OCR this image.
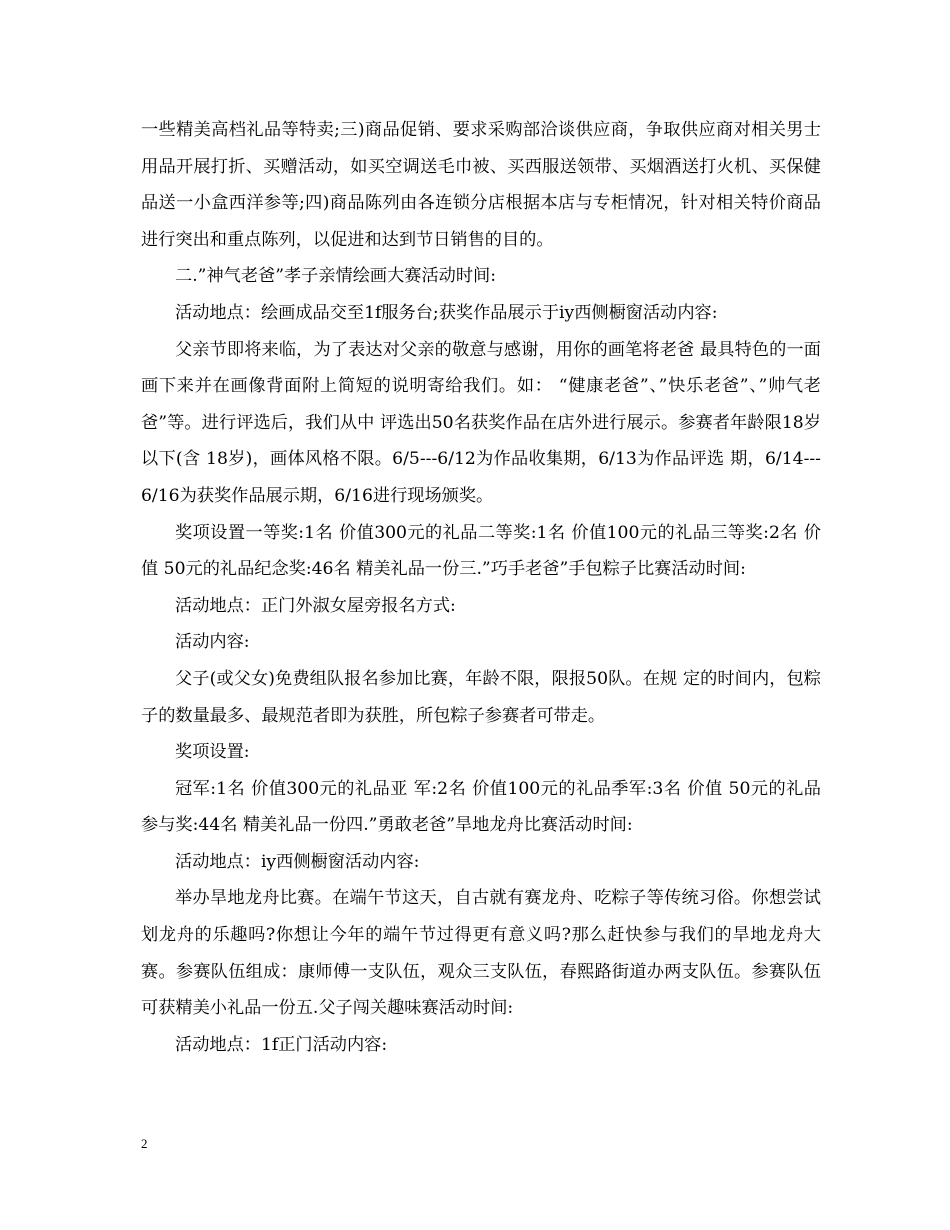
一些精美高档礼品等特卖;三)商品促销、要求采购部洽谈供应商，争取供应商对相关男士用品开展打折、买赠活动，如买空调送毛巾被、买西服送领带、买烟酒送打火机、买保健品送一小盒西洋参等;四)商品陈列由各连锁分店根据本店与专柜情况，针对相关特价商品进行突出和重点陈列，以促进和达到节日销售的目的。

二.”神气老爸”孝子亲情绘画大赛活动时间:

活动地点：绘画成品交至1f服务台;获奖作品展示于iy西侧橱窗活动内容:

父亲节即将来临，为了表达对父亲的敬意与感谢，用你的画笔将老爸 最具特色的一面画下来并在画像背面附上简短的说明寄给我们。如： “健康老爸”、”快乐老爸”、”帅气老爸”等。进行评选后，我们从中 评选出50名获奖作品在店外进行展示。参赛者年龄限18岁以下(含 18岁)，画体风格不限。6/5---6/12为作品收集期，6/13为作品评选 期，6/14---6/16为获奖作品展示期，6/16进行现场颁奖。

奖项设置一等奖:1名 价值300元的礼品二等奖:1名 价值100元的礼品三等奖:2名 价值 50元的礼品纪念奖:46名 精美礼品一份三.”巧手老爸”手包粽子比赛活动时间:

活动地点：正门外淑女屋旁报名方式:

活动内容:

父子(或父女)免费组队报名参加比赛，年龄不限，限报50队。在规 定的时间内，包粽子的数量最多、最规范者即为获胜，所包粽子参赛者可带走。

奖项设置:

冠军:1名 价值300元的礼品亚 军:2名 价值100元的礼品季军:3名 价值 50元的礼品参与奖:44名 精美礼品一份四.”勇敢老爸”旱地龙舟比赛活动时间:

活动地点：iy西侧橱窗活动内容:

举办旱地龙舟比赛。在端午节这天，自古就有赛龙舟、吃粽子等传统习俗。你想尝试划龙舟的乐趣吗?你想让今年的端午节过得更有意义吗?那么赶快参与我们的旱地龙舟大赛。参赛队伍组成：康师傅一支队伍，观众三支队伍，春熙路街道办两支队伍。参赛队伍可获精美小礼品一份五.父子闯关趣味赛活动时间:

活动地点：1f正门活动内容:

2
